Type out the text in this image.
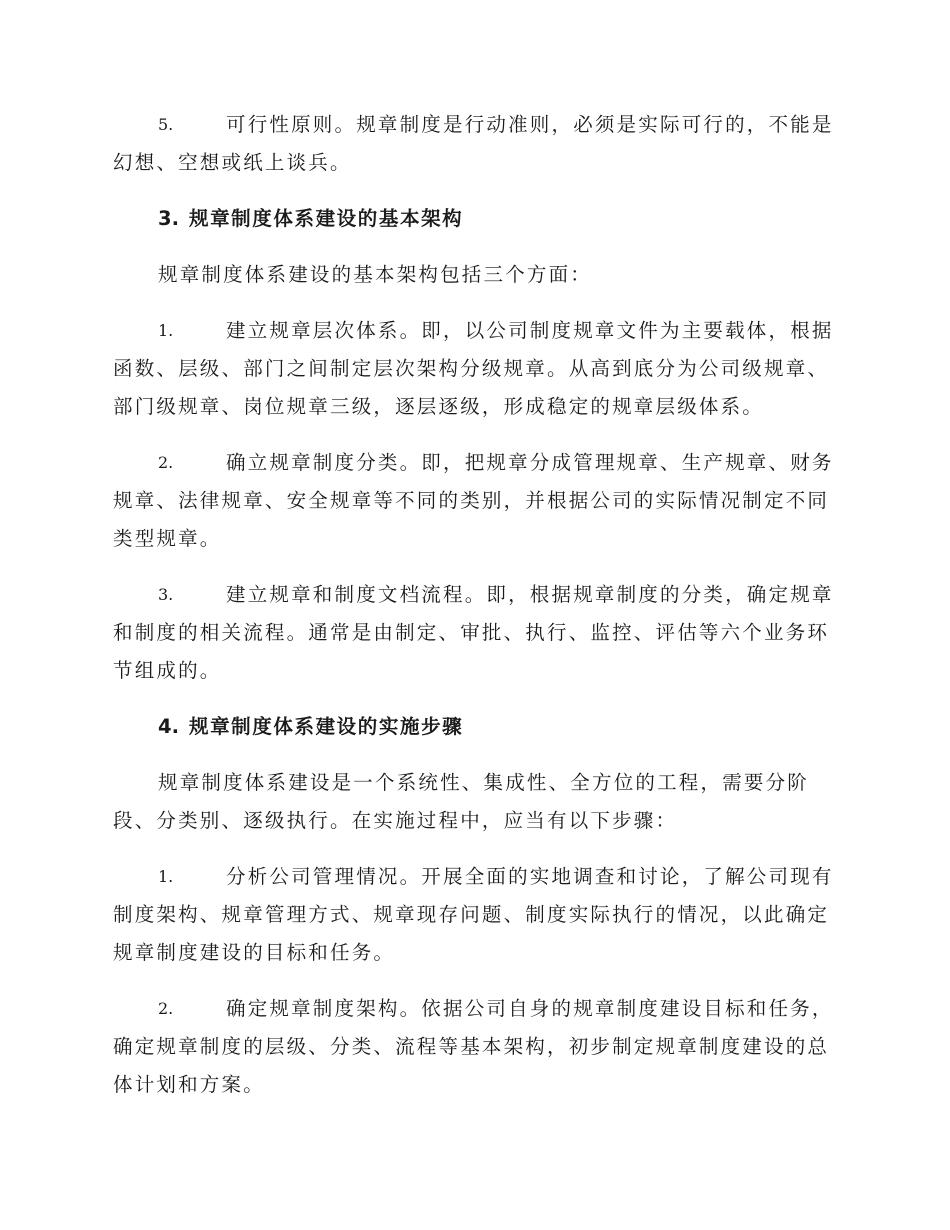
5.	可行性原则。规章制度是行动准则，必须是实际可行的，不能是

幻想、空想或纸上谈兵。

3. 规章制度体系建设的基本架构

规章制度体系建设的基本架构包括三个方面：

1.	建立规章层次体系。即，以公司制度规章文件为主要载体，根据

函数、层级、部门之间制定层次架构分级规章。从高到底分为公司级规章、

部门级规章、岗位规章三级，逐层逐级，形成稳定的规章层级体系。

2.	确立规章制度分类。即，把规章分成管理规章、生产规章、财务

规章、法律规章、安全规章等不同的类别，并根据公司的实际情况制定不同

类型规章。

3.	建立规章和制度文档流程。即，根据规章制度的分类，确定规章

和制度的相关流程。通常是由制定、审批、执行、监控、评估等六个业务环

节组成的。

4. 规章制度体系建设的实施步骤

规章制度体系建设是一个系统性、集成性、全方位的工程，需要分阶

段、分类别、逐级执行。在实施过程中，应当有以下步骤：

1.	分析公司管理情况。开展全面的实地调查和讨论，了解公司现有

制度架构、规章管理方式、规章现存问题、制度实际执行的情况，以此确定

规章制度建设的目标和任务。

2.	确定规章制度架构。依据公司自身的规章制度建设目标和任务，

确定规章制度的层级、分类、流程等基本架构，初步制定规章制度建设的总

体计划和方案。
